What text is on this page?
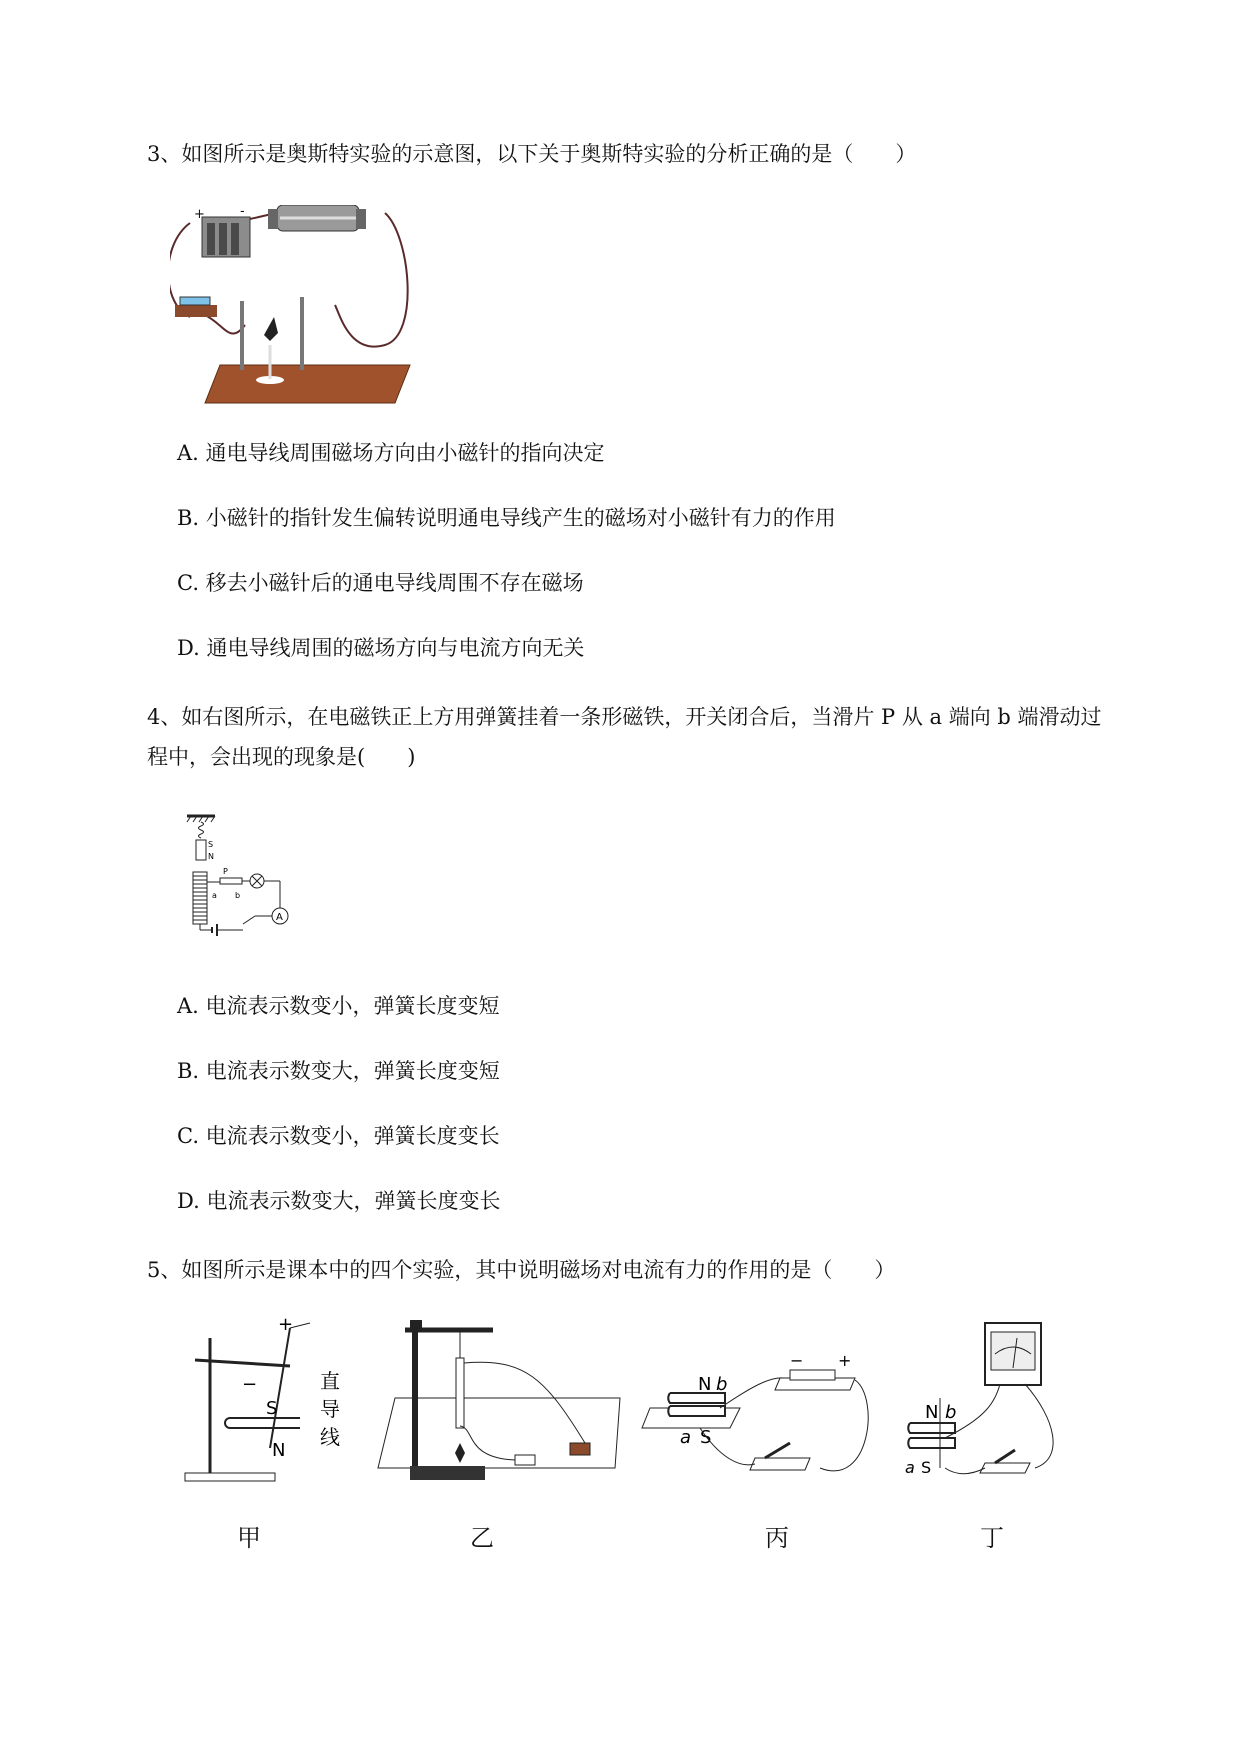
3、如图所示是奥斯特实验的示意图，以下关于奥斯特实验的分析正确的是（　　）
+	-
A. 通电导线周围磁场方向由小磁针的指向决定
B. 小磁针的指针发生偏转说明通电导线产生的磁场对小磁针有力的作用
C. 移去小磁针后的通电导线周围不存在磁场
D. 通电导线周围的磁场方向与电流方向无关
4、如右图所示，在电磁铁正上方用弹簧挂着一条形磁铁，开关闭合后，当滑片 P 从 a 端向 b 端滑动过
程中，会出现的现象是(　　)
S
N
P
a b
A
A. 电流表示数变小，弹簧长度变短
B. 电流表示数变大，弹簧长度变短
C. 电流表示数变小，弹簧长度变长
D. 电流表示数变大，弹簧长度变长
5、如图所示是课本中的四个实验，其中说明磁场对电流有力的作用的是（　　）
+
−
S
N
直
导
线
甲	乙
N b
a S
− +
丙
N b
a S
丁
